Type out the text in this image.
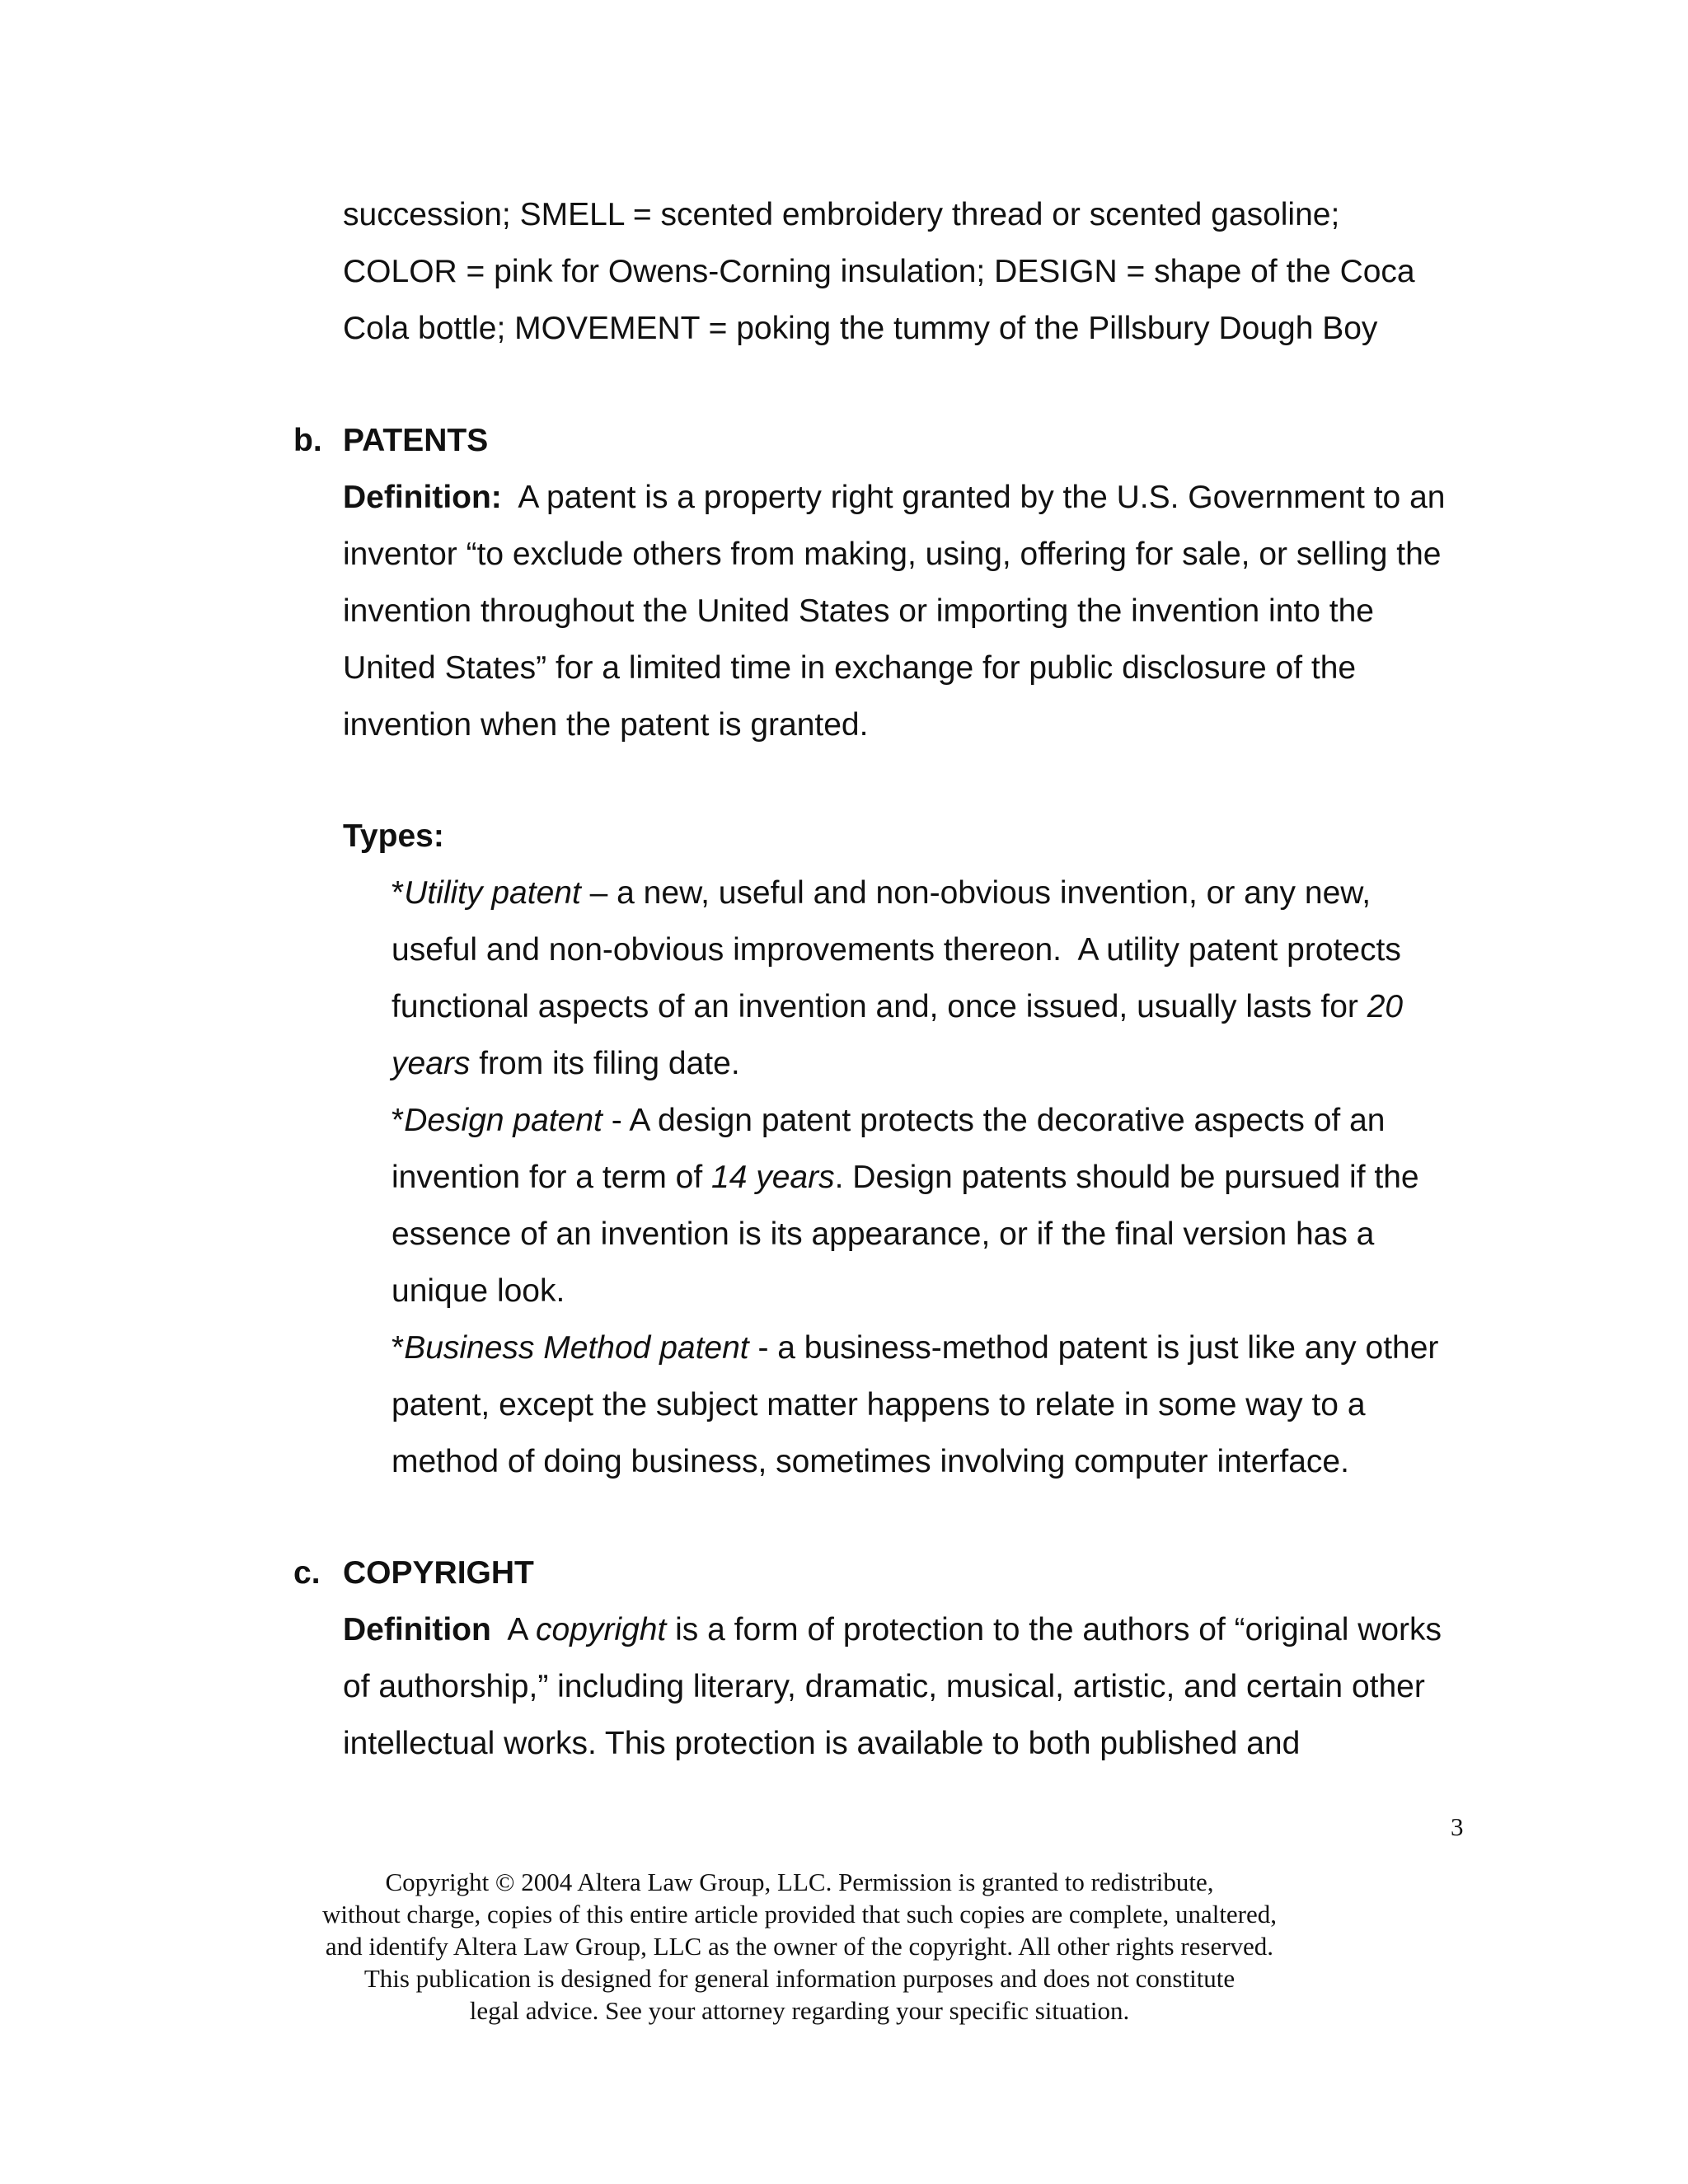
succession; SMELL = scented embroidery thread or scented gasoline;
COLOR = pink for Owens-Corning insulation; DESIGN = shape of the Coca
Cola bottle; MOVEMENT = poking the tummy of the Pillsbury Dough Boy
b. PATENTS
Definition:  A patent is a property right granted by the U.S. Government to an
inventor “to exclude others from making, using, offering for sale, or selling the
invention throughout the United States or importing the invention into the
United States” for a limited time in exchange for public disclosure of the
invention when the patent is granted.
Types:
*Utility patent – a new, useful and non-obvious invention, or any new,
useful and non-obvious improvements thereon.  A utility patent protects
functional aspects of an invention and, once issued, usually lasts for 20
years from its filing date.
*Design patent - A design patent protects the decorative aspects of an
invention for a term of 14 years. Design patents should be pursued if the
essence of an invention is its appearance, or if the final version has a
unique look.
*Business Method patent - a business-method patent is just like any other
patent, except the subject matter happens to relate in some way to a
method of doing business, sometimes involving computer interface.
c. COPYRIGHT
Definition  A copyright is a form of protection to the authors of “original works
of authorship,” including literary, dramatic, musical, artistic, and certain other
intellectual works. This protection is available to both published and
3
Copyright © 2004 Altera Law Group, LLC. Permission is granted to redistribute,
without charge, copies of this entire article provided that such copies are complete, unaltered,
and identify Altera Law Group, LLC as the owner of the copyright. All other rights reserved.
This publication is designed for general information purposes and does not constitute
legal advice. See your attorney regarding your specific situation.
